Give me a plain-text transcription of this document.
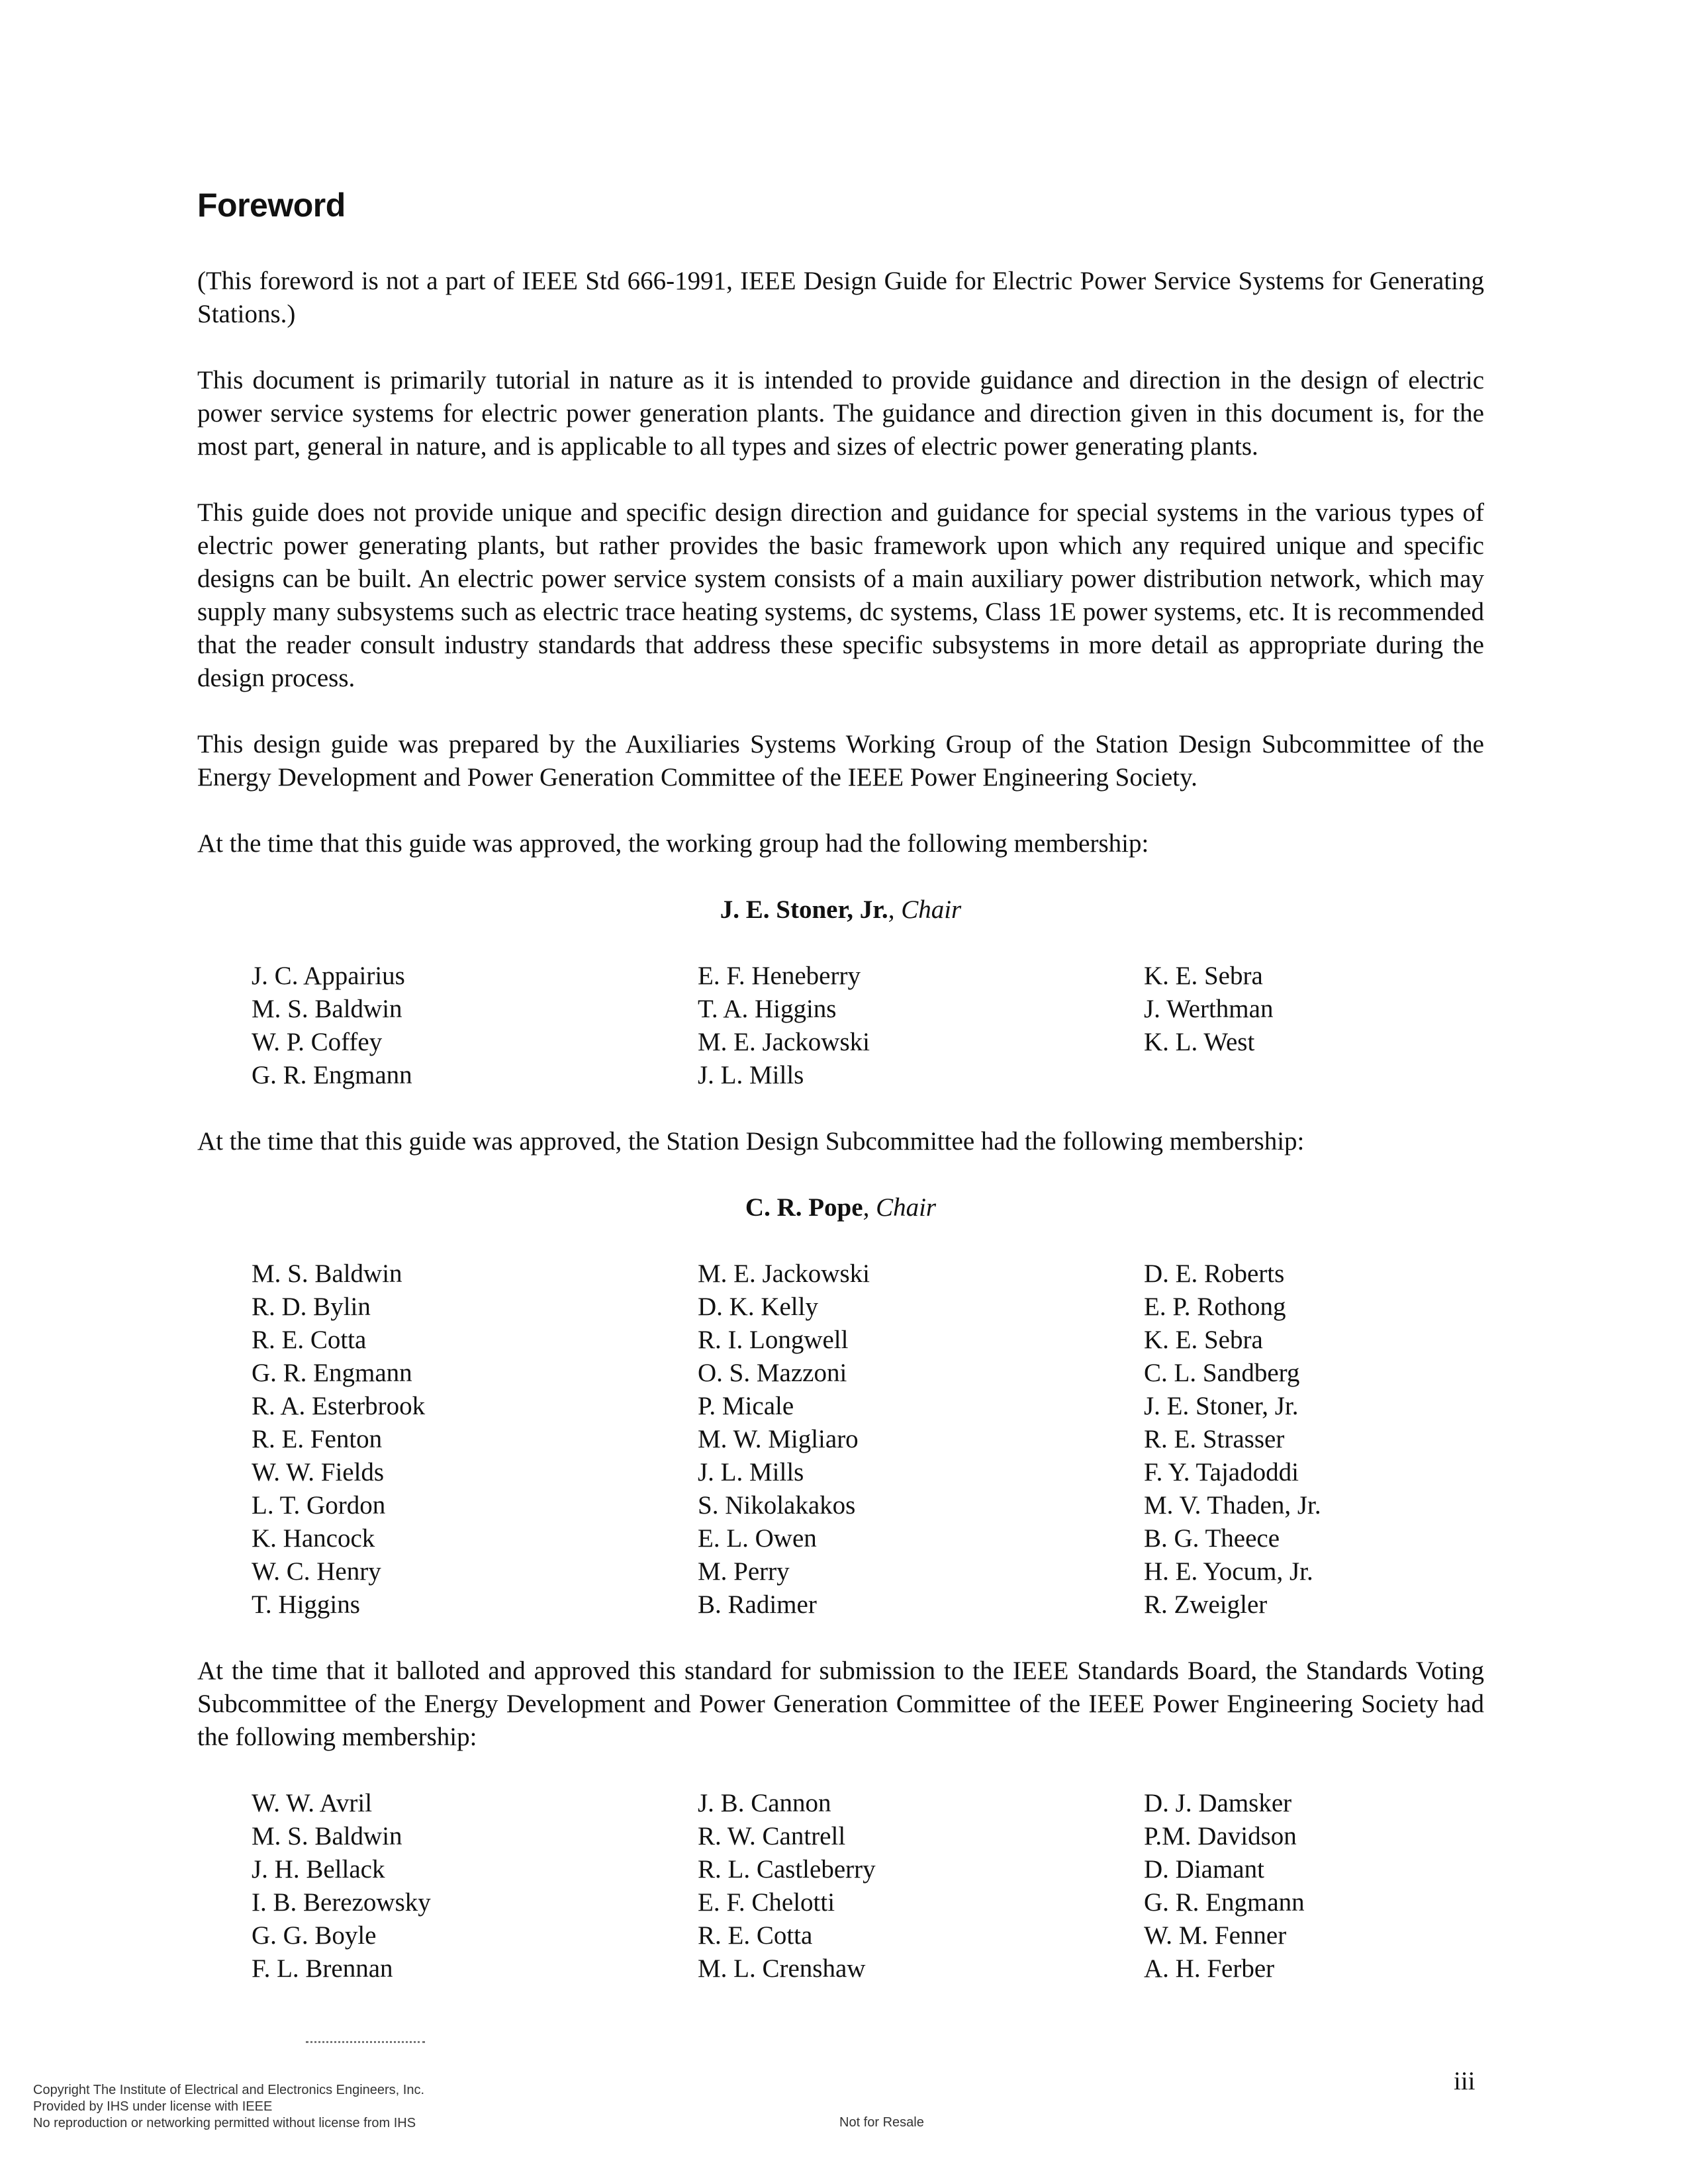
Foreword

(This foreword is not a part of IEEE Std 666-1991, IEEE Design Guide for Electric Power Service Systems for Generating Stations.)

This document is primarily tutorial in nature as it is intended to provide guidance and direction in the design of electric power service systems for electric power generation plants. The guidance and direction given in this document is, for the most part, general in nature, and is applicable to all types and sizes of electric power generating plants.

This guide does not provide unique and specific design direction and guidance for special systems in the various types of electric power generating plants, but rather provides the basic framework upon which any required unique and specific designs can be built. An electric power service system consists of a main auxiliary power distribution network, which may supply many subsystems such as electric trace heating systems, dc systems, Class 1E power systems, etc. It is recommended that the reader consult industry standards that address these specific subsystems in more detail as appropriate during the design process.

This design guide was prepared by the Auxiliaries Systems Working Group of the Station Design Subcommittee of the Energy Development and Power Generation Committee of the IEEE Power Engineering Society.

At the time that this guide was approved, the working group had the following membership:

J. E. Stoner, Jr., Chair
J. C. Appairius
M. S. Baldwin
W. P. Coffey
G. R. Engmann
E. F. Heneberry
T. A. Higgins
M. E. Jackowski
J. L. Mills
K. E. Sebra
J. Werthman
K. L. West

At the time that this guide was approved, the Station Design Subcommittee had the following membership:

C. R. Pope, Chair
M. S. Baldwin
R. D. Bylin
R. E. Cotta
G. R. Engmann
R. A. Esterbrook
R. E. Fenton
W. W. Fields
L. T. Gordon
K. Hancock
W. C. Henry
T. Higgins
M. E. Jackowski
D. K. Kelly
R. I. Longwell
O. S. Mazzoni
P. Micale
M. W. Migliaro
J. L. Mills
S. Nikolakakos
E. L. Owen
M. Perry
B. Radimer
D. E. Roberts
E. P. Rothong
K. E. Sebra
C. L. Sandberg
J. E. Stoner, Jr.
R. E. Strasser
F. Y. Tajadoddi
M. V. Thaden, Jr.
B. G. Theece
H. E. Yocum, Jr.
R. Zweigler

At the time that it balloted and approved this standard for submission to the IEEE Standards Board, the Standards Voting Subcommittee of the Energy Development and Power Generation Committee of the IEEE Power Engineering Society had the following membership:

W. W. Avril
M. S. Baldwin
J. H. Bellack
I. B. Berezowsky
G. G. Boyle
F. L. Brennan
J. B. Cannon
R. W. Cantrell
R. L. Castleberry
E. F. Chelotti
R. E. Cotta
M. L. Crenshaw
D. J. Damsker
P.M. Davidson
D. Diamant
G. R. Engmann
W. M. Fenner
A. H. Ferber
iii
Copyright The Institute of Electrical and Electronics Engineers, Inc.
Provided by IHS under license with IEEE
No reproduction or networking permitted without license from IHS	Not for Resale
